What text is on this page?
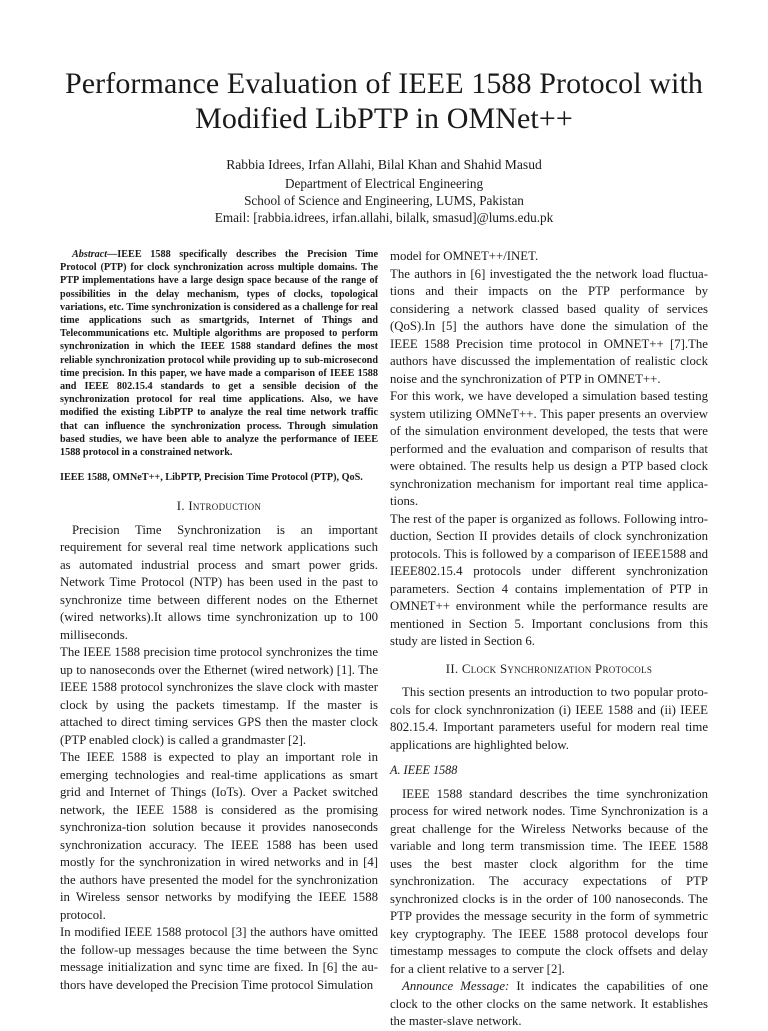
Performance Evaluation of IEEE 1588 Protocol with Modified LibPTP in OMNet++
Rabbia Idrees, Irfan Allahi, Bilal Khan and Shahid Masud
Department of Electrical Engineering
School of Science and Engineering, LUMS, Pakistan
Email: [rabbia.idrees, irfan.allahi, bilalk, smasud]@lums.edu.pk

Abstract—IEEE 1588 specifically describes the Precision Time Protocol (PTP) for clock synchronization across multiple domains. The PTP implementations have a large design space because of the range of possibilities in the delay mechanism, types of clocks, topological variations, etc. Time synchronization is considered as a challenge for real time applications such as smartgrids, Internet of Things and Telecommunications etc. Multiple algorithms are proposed to perform synchronization in which the IEEE 1588 standard defines the most reliable synchronization protocol while providing up to sub-microsecond time precision. In this paper, we have made a comparison of IEEE 1588 and IEEE 802.15.4 standards to get a sensible decision of the synchronization protocol for real time applications. Also, we have modified the existing LibPTP to analyze the real time network traffic that can influence the synchronization process. Through simulation based studies, we have been able to analyze the performance of IEEE 1588 protocol in a constrained network.

IEEE 1588, OMNeT++, LibPTP, Precision Time Protocol (PTP), QoS.

I. Introduction

Precision Time Synchronization is an important requirement for several real time network applications such as automated industrial process and smart power grids. Network Time Protocol (NTP) has been used in the past to synchronize time between different nodes on the Ethernet (wired networks).It allows time synchronization up to 100 milliseconds.

The IEEE 1588 precision time protocol synchronizes the time up to nanoseconds over the Ethernet (wired network) [1]. The IEEE 1588 protocol synchronizes the slave clock with master clock by using the packets timestamp. If the master is attached to direct timing services GPS then the master clock (PTP enabled clock) is called a grandmaster [2].

The IEEE 1588 is expected to play an important role in emerging technologies and real-time applications as smart grid and Internet of Things (IoTs). Over a Packet switched network, the IEEE 1588 is considered as the promising synchroniza-tion solution because it provides nanoseconds synchronization accuracy. The IEEE 1588 has been used mostly for the synchronization in wired networks and in [4] the authors have presented the model for the synchronization in Wireless sensor networks by modifying the IEEE 1588 protocol.

In modified IEEE 1588 protocol [3] the authors have omitted the follow-up messages because the time between the Sync message initialization and sync time are fixed. In [6] the au-thors have developed the Precision Time protocol Simulation

model for OMNET++/INET.

The authors in [6] investigated the the network load fluctua-tions and their impacts on the PTP performance by considering a network classed based quality of services (QoS).In [5] the authors have done the simulation of the IEEE 1588 Precision time protocol in OMNET++ [7].The authors have discussed the implementation of realistic clock noise and the synchronization of PTP in OMNET++.

For this work, we have developed a simulation based testing system utilizing OMNeT++. This paper presents an overview of the simulation environment developed, the tests that were performed and the evaluation and comparison of results that were obtained. The results help us design a PTP based clock synchronization mechanism for important real time applica-tions.

The rest of the paper is organized as follows. Following intro-duction, Section II provides details of clock synchronization protocols. This is followed by a comparison of IEEE1588 and IEEE802.15.4 protocols under different synchronization parameters. Section 4 contains implementation of PTP in OMNET++ environment while the performance results are mentioned in Section 5. Important conclusions from this study are listed in Section 6.

II. Clock Synchronization Protocols

This section presents an introduction to two popular proto-cols for clock synchnronization (i) IEEE 1588 and (ii) IEEE 802.15.4. Important parameters useful for modern real time applications are highlighted below.

A. IEEE 1588

IEEE 1588 standard describes the time synchronization process for wired network nodes. Time Synchronization is a great challenge for the Wireless Networks because of the variable and long term transmission time. The IEEE 1588 uses the best master clock algorithm for the time synchronization. The accuracy expectations of PTP synchronized clocks is in the order of 100 nanoseconds. The PTP provides the message security in the form of symmetric key cryptography. The IEEE 1588 protocol develops four timestamp messages to compute the clock offsets and delay for a client relative to a server [2].

Announce Message: It indicates the capabilities of one clock to the other clocks on the same network. It establishes the master-slave network.
